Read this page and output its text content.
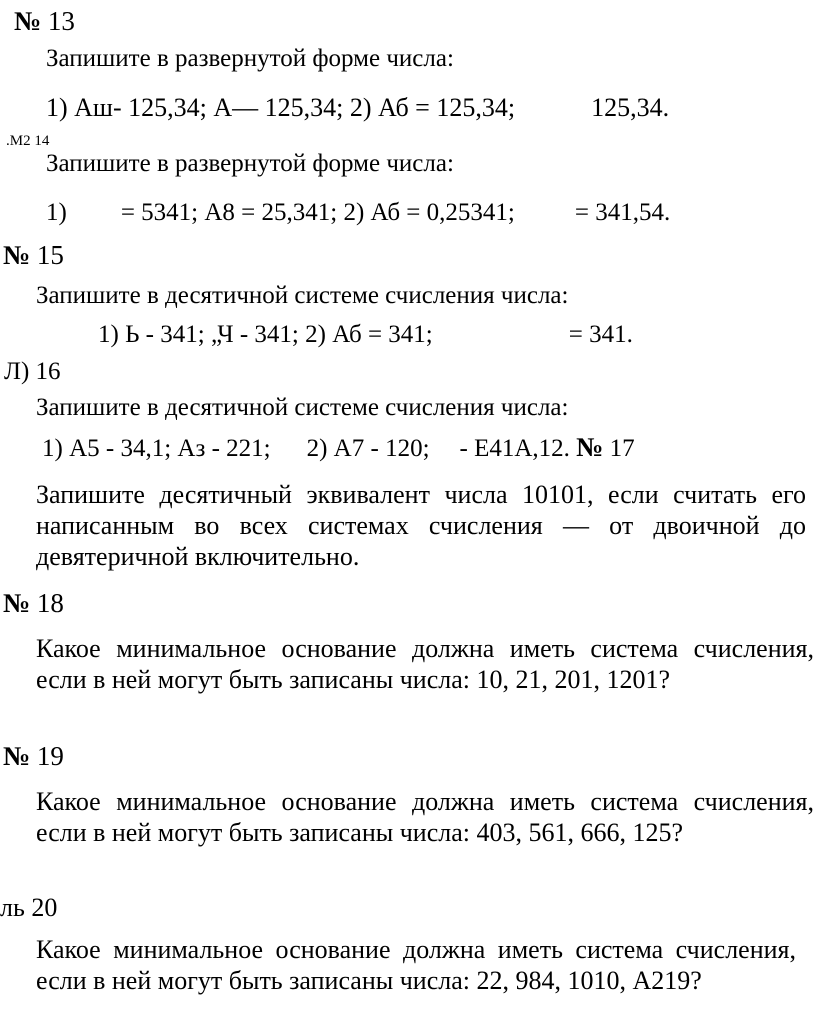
№ 13
Запишите в развернутой форме числа:
1) Аш- 125,34; А— 125,34; 2) Аб = 125,34;	125,34.
.М2 14
Запишите в развернутой форме числа:
1) = 5341; А8 = 25,341; 2) Аб = 0,25341; = 341,54.
№ 15
Запишите в десятичной системе счисления числа:
1) Ь - 341; „Ч - 341; 2) Аб = 341;	= 341.
Л) 16
Запишите в десятичной системе счисления числа:
1) А5 - 34,1; Аз - 221; 2) А7 - 120; - Е41А,12. № 17
Запишите десятичный эквивалент числа 10101, если считать его написанным во всех системах счисления — от двоичной до девятеричной включительно.
№ 18
Какое минимальное основание должна иметь система счисления, если в ней могут быть записаны числа: 10, 21, 201, 1201?
№ 19
Какое минимальное основание должна иметь система счисления, если в ней могут быть записаны числа: 403, 561, 666, 125?
ль 20
Какое минимальное основание должна иметь система счисления, если в ней могут быть записаны числа: 22, 984, 1010, А219?
